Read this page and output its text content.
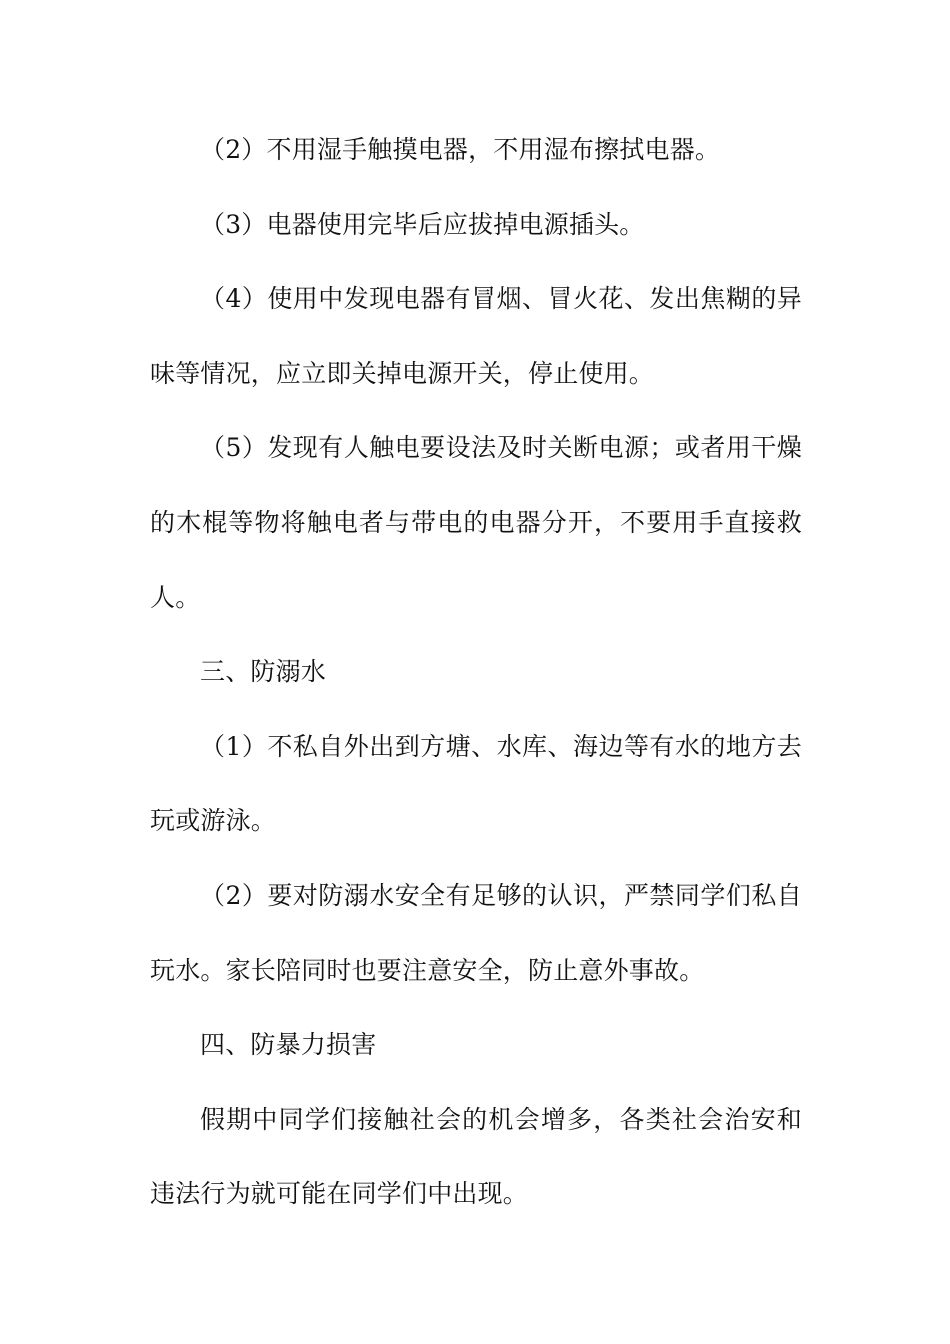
（2）不用湿手触摸电器，不用湿布擦拭电器。

（3）电器使用完毕后应拔掉电源插头。

（4）使用中发现电器有冒烟、冒火花、发出焦糊的异味等情况，应立即关掉电源开关，停止使用。

（5）发现有人触电要设法及时关断电源；或者用干燥的木棍等物将触电者与带电的电器分开，不要用手直接救人。

三、防溺水

（1）不私自外出到方塘、水库、海边等有水的地方去玩或游泳。

（2）要对防溺水安全有足够的认识，严禁同学们私自玩水。家长陪同时也要注意安全，防止意外事故。

四、防暴力损害

假期中同学们接触社会的机会增多，各类社会治安和违法行为就可能在同学们中出现。
